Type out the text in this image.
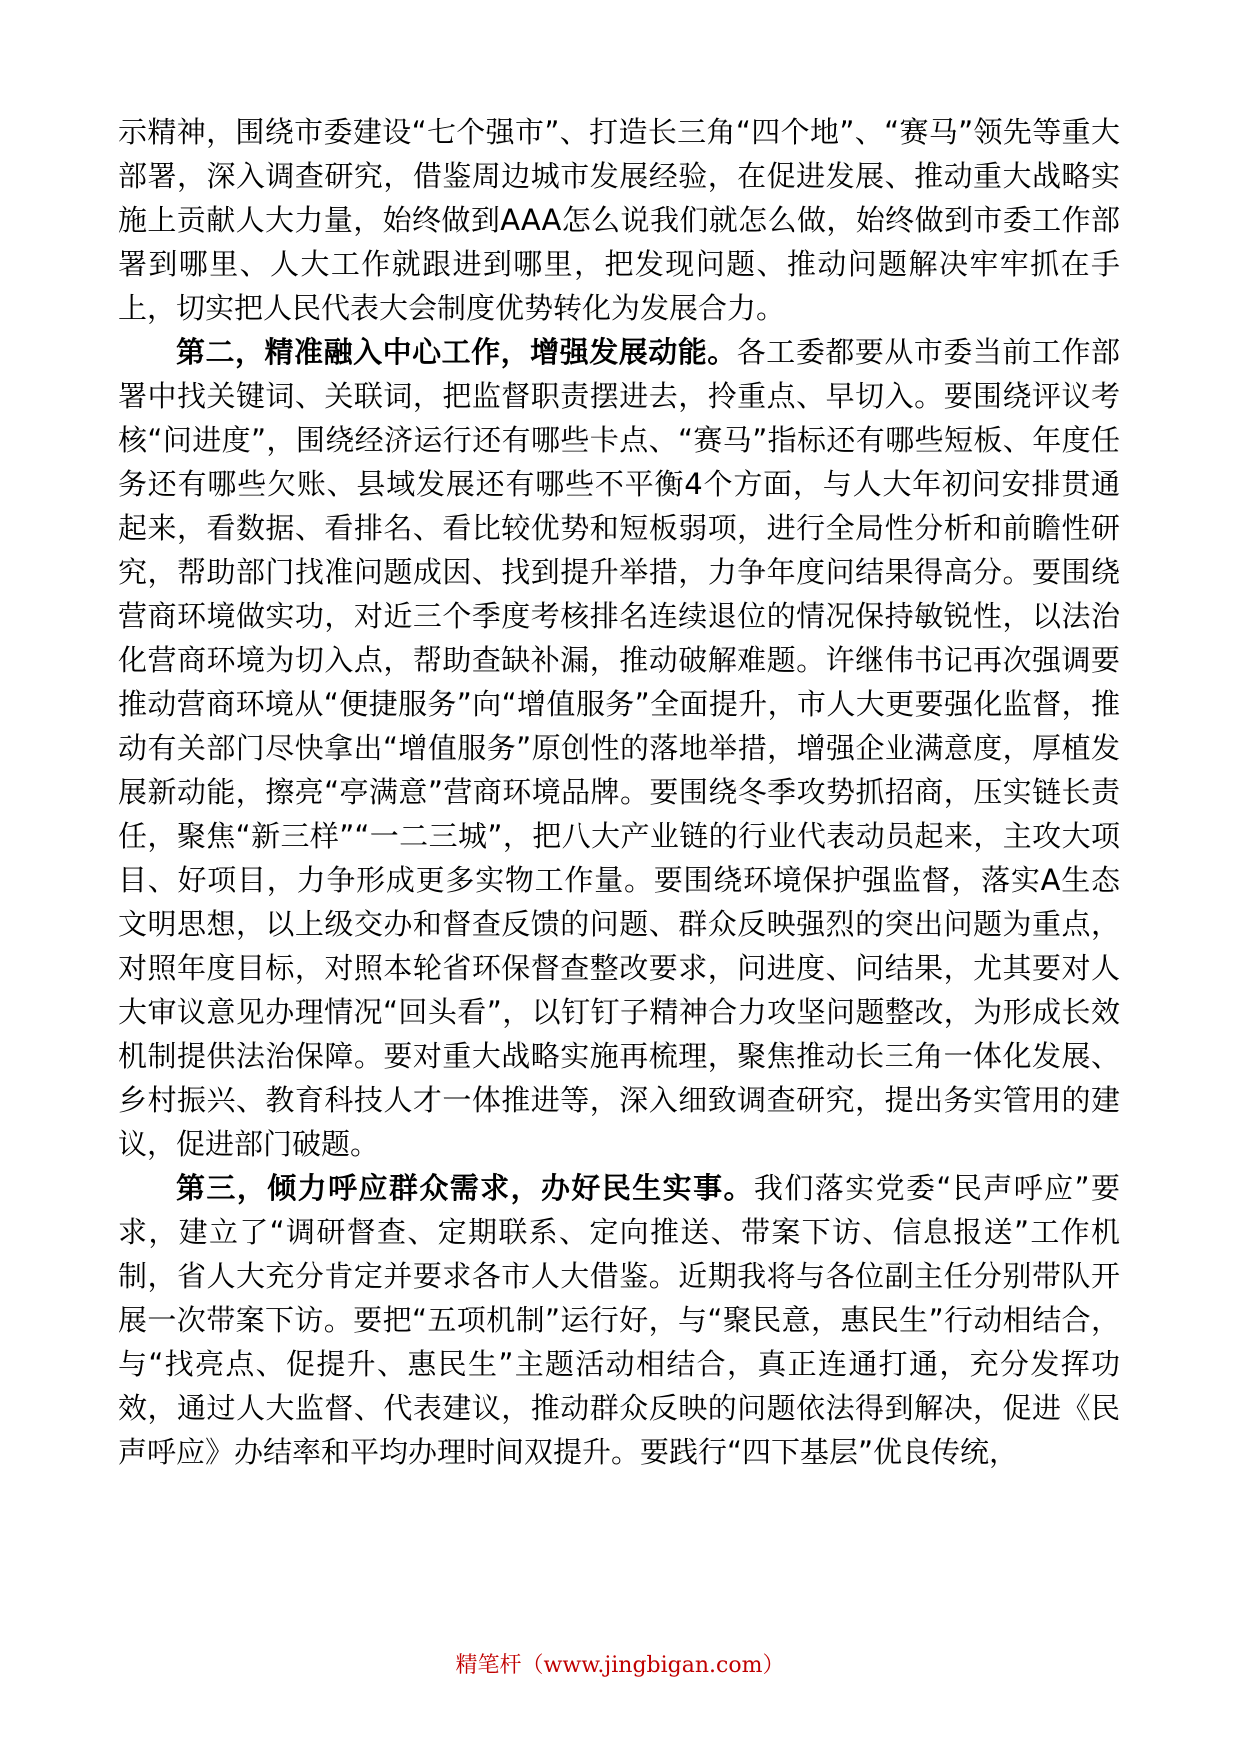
示精神，围绕市委建设“七个强市”、打造长三角“四个地”、“赛马”领先等重大部署，深入调查研究，借鉴周边城市发展经验，在促进发展、推动重大战略实施上贡献人大力量，始终做到AAA怎么说我们就怎么做，始终做到市委工作部署到哪里、人大工作就跟进到哪里，把发现问题、推动问题解决牢牢抓在手上，切实把人民代表大会制度优势转化为发展合力。

第二，精准融入中心工作，增强发展动能。各工委都要从市委当前工作部署中找关键词、关联词，把监督职责摆进去，拎重点、早切入。要围绕评议考核“问进度”，围绕经济运行还有哪些卡点、“赛马”指标还有哪些短板、年度任务还有哪些欠账、县域发展还有哪些不平衡4个方面，与人大年初问安排贯通起来，看数据、看排名、看比较优势和短板弱项，进行全局性分析和前瞻性研究，帮助部门找准问题成因、找到提升举措，力争年度问结果得高分。要围绕营商环境做实功，对近三个季度考核排名连续退位的情况保持敏锐性，以法治化营商环境为切入点，帮助查缺补漏，推动破解难题。许继伟书记再次强调要推动营商环境从“便捷服务”向“增值服务”全面提升，市人大更要强化监督，推动有关部门尽快拿出“增值服务”原创性的落地举措，增强企业满意度，厚植发展新动能，擦亮“亭满意”营商环境品牌。要围绕冬季攻势抓招商，压实链长责任，聚焦“新三样”“一二三城”，把八大产业链的行业代表动员起来，主攻大项目、好项目，力争形成更多实物工作量。要围绕环境保护强监督，落实A生态文明思想，以上级交办和督查反馈的问题、群众反映强烈的突出问题为重点，对照年度目标，对照本轮省环保督查整改要求，问进度、问结果，尤其要对人大审议意见办理情况“回头看”，以钉钉子精神合力攻坚问题整改，为形成长效机制提供法治保障。要对重大战略实施再梳理，聚焦推动长三角一体化发展、乡村振兴、教育科技人才一体推进等，深入细致调查研究，提出务实管用的建议，促进部门破题。

第三，倾力呼应群众需求，办好民生实事。我们落实党委“民声呼应”要求，建立了“调研督查、定期联系、定向推送、带案下访、信息报送”工作机制，省人大充分肯定并要求各市人大借鉴。近期我将与各位副主任分别带队开展一次带案下访。要把“五项机制”运行好，与“聚民意，惠民生”行动相结合，与“找亮点、促提升、惠民生”主题活动相结合，真正连通打通，充分发挥功效，通过人大监督、代表建议，推动群众反映的问题依法得到解决，促进《民声呼应》办结率和平均办理时间双提升。要践行“四下基层”优良传统，

精笔杆（www.jingbigan.com）
